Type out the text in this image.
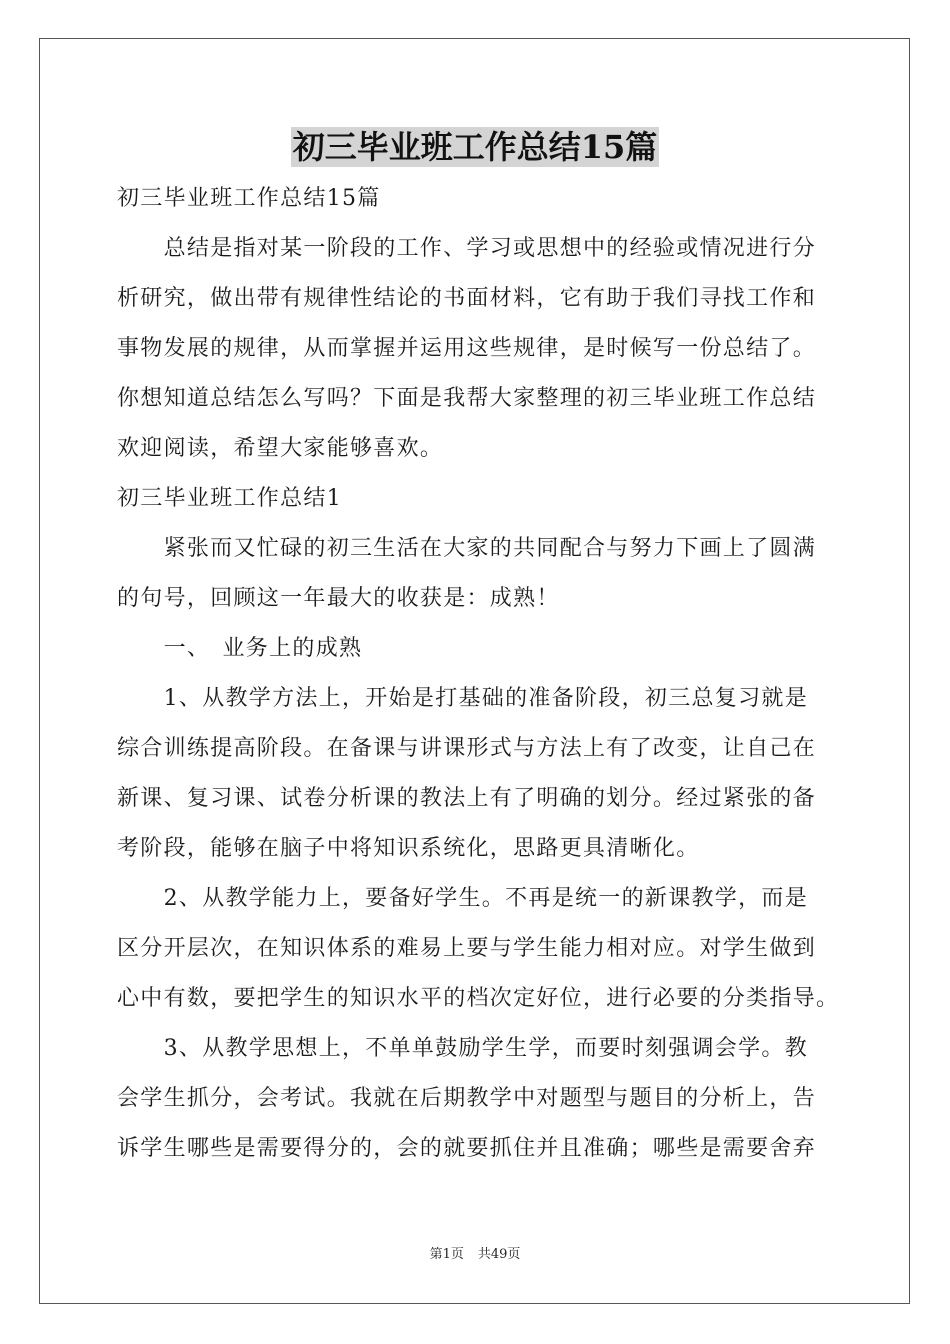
初三毕业班工作总结15篇
初三毕业班工作总结15篇
　　总结是指对某一阶段的工作、学习或思想中的经验或情况进行分
析研究，做出带有规律性结论的书面材料，它有助于我们寻找工作和
事物发展的规律，从而掌握并运用这些规律，是时候写一份总结了。
你想知道总结怎么写吗？下面是我帮大家整理的初三毕业班工作总结
欢迎阅读，希望大家能够喜欢。
初三毕业班工作总结1
　　紧张而又忙碌的初三生活在大家的共同配合与努力下画上了圆满
的句号，回顾这一年最大的收获是：成熟！
　　一、　业务上的成熟
　　1、从教学方法上，开始是打基础的准备阶段，初三总复习就是
综合训练提高阶段。在备课与讲课形式与方法上有了改变，让自己在
新课、复习课、试卷分析课的教法上有了明确的划分。经过紧张的备
考阶段，能够在脑子中将知识系统化，思路更具清晰化。
　　2、从教学能力上，要备好学生。不再是统一的新课教学，而是
区分开层次，在知识体系的难易上要与学生能力相对应。对学生做到
心中有数，要把学生的知识水平的档次定好位，进行必要的分类指导。
　　3、从教学思想上，不单单鼓励学生学，而要时刻强调会学。教
会学生抓分，会考试。我就在后期教学中对题型与题目的分析上，告
诉学生哪些是需要得分的，会的就要抓住并且准确；哪些是需要舍弃
第1页 共49页
